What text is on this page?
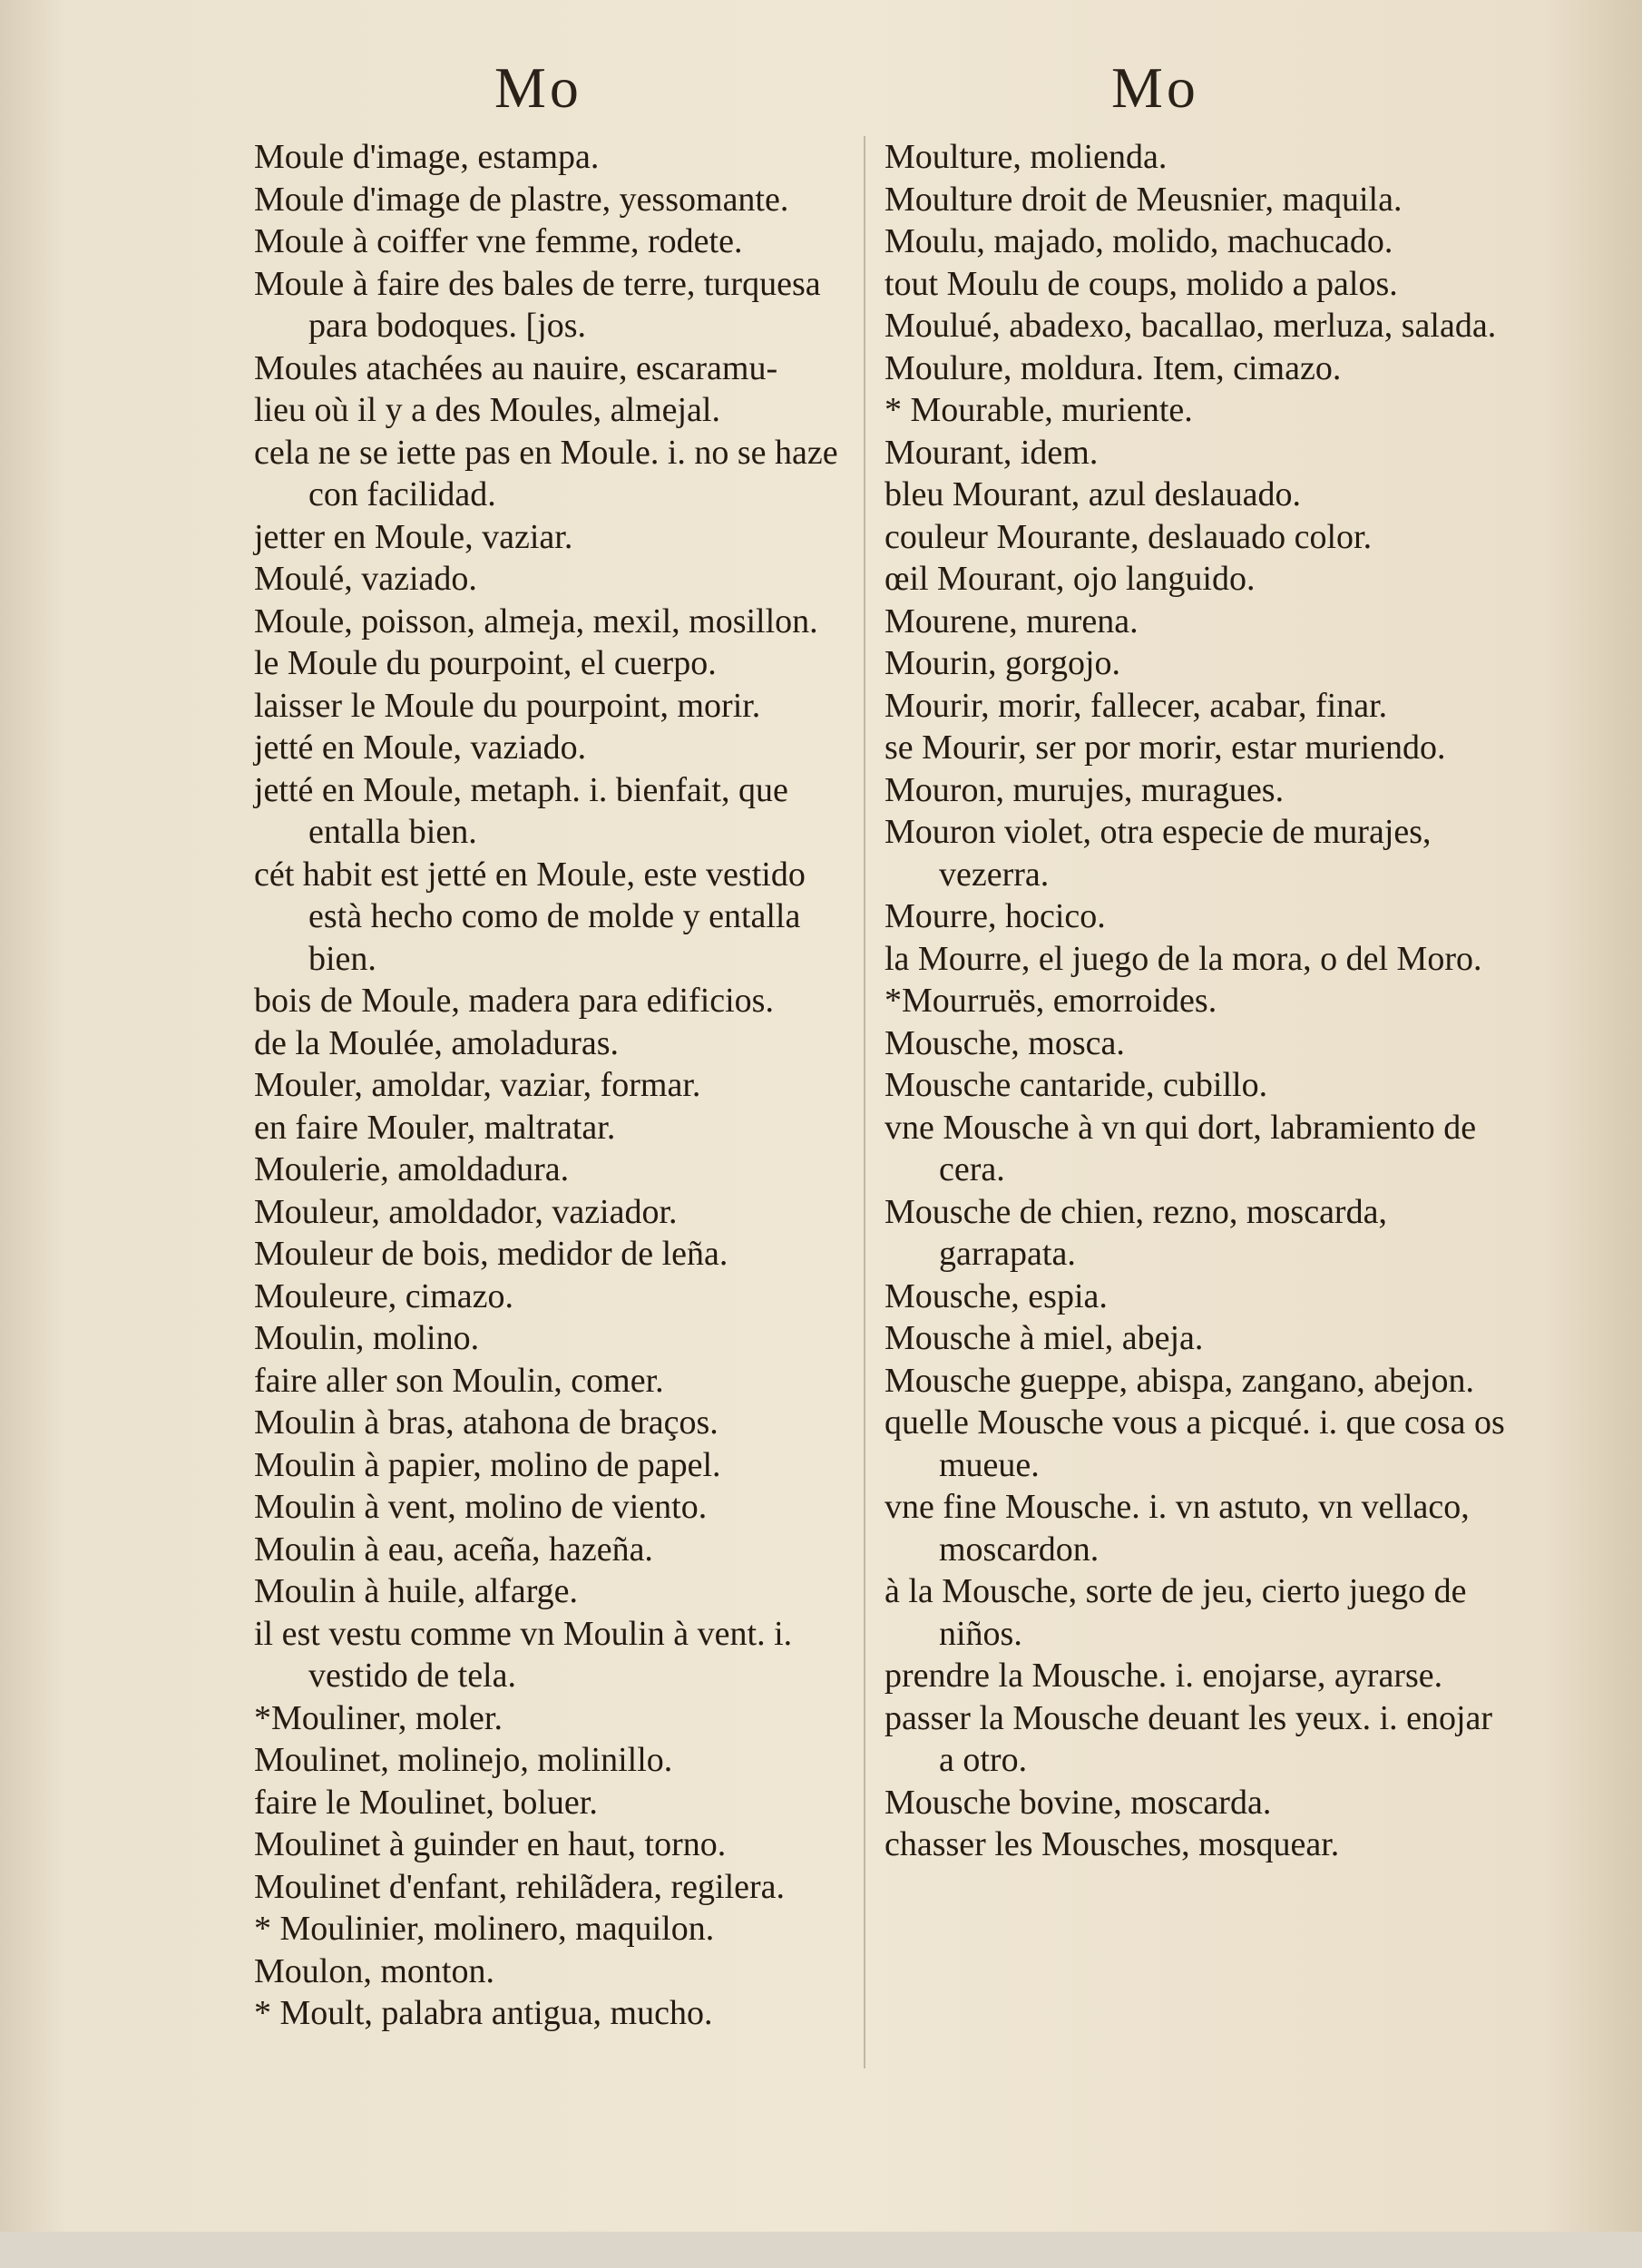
Mo	Mo
Moule d'image, estampa.
Moule d'image de plastre, yessomante.
Moule à coiffer vne femme, rodete.
Moule à faire des bales de terre, turquesa para bodoques. [jos.
Moules atachées au nauire, escaramu-
lieu où il y a des Moules, almejal.
cela ne se iette pas en Moule. i. no se haze con facilidad.
jetter en Moule, vaziar.
Moulé, vaziado.
Moule, poisson, almeja, mexil, mosillon.
le Moule du pourpoint, el cuerpo.
laisser le Moule du pourpoint, morir.
jetté en Moule, vaziado.
jetté en Moule, metaph. i. bienfait, que entalla bien.
cét habit est jetté en Moule, este vestido està hecho como de molde y entalla bien.
bois de Moule, madera para edificios.
de la Moulée, amoladuras.
Mouler, amoldar, vaziar, formar.
en faire Mouler, maltratar.
Moulerie, amoldadura.
Mouleur, amoldador, vaziador.
Mouleur de bois, medidor de leña.
Mouleure, cimazo.
Moulin, molino.
faire aller son Moulin, comer.
Moulin à bras, atahona de braços.
Moulin à papier, molino de papel.
Moulin à vent, molino de viento.
Moulin à eau, aceña, hazeña.
Moulin à huile, alfarge.
il est vestu comme vn Moulin à vent. i. vestido de tela.
*Mouliner, moler.
Moulinet, molinejo, molinillo.
faire le Moulinet, boluer.
Moulinet à guinder en haut, torno.
Moulinet d'enfant, rehilãdera, regilera.
* Moulinier, molinero, maquilon.
Moulon, monton.
* Moult, palabra antigua, mucho.
Moulture, molienda.
Moulture droit de Meusnier, maquila.
Moulu, majado, molido, machucado.
tout Moulu de coups, molido a palos.
Moulué, abadexo, bacallao, merluza, salada.
Moulure, moldura. Item, cimazo.
* Mourable, muriente.
Mourant, idem.
bleu Mourant, azul deslauado.
couleur Mourante, deslauado color.
œil Mourant, ojo languido.
Mourene, murena.
Mourin, gorgojo.
Mourir, morir, fallecer, acabar, finar.
se Mourir, ser por morir, estar muriendo.
Mouron, murujes, muragues.
Mouron violet, otra especie de murajes, vezerra.
Mourre, hocico.
la Mourre, el juego de la mora, o del Moro.
*Mourruës, emorroides.
Mousche, mosca.
Mousche cantaride, cubillo.
vne Mousche à vn qui dort, labramiento de cera.
Mousche de chien, rezno, moscarda, garrapata.
Mousche, espia.
Mousche à miel, abeja.
Mousche gueppe, abispa, zangano, abejon.
quelle Mousche vous a picqué. i. que cosa os mueue.
vne fine Mousche. i. vn astuto, vn vellaco, moscardon.
à la Mousche, sorte de jeu, cierto juego de niños.
prendre la Mousche. i. enojarse, ayrarse.
passer la Mousche deuant les yeux. i. enojar a otro.
Mousche bovine, moscarda.
chasser les Mousches, mosquear.
